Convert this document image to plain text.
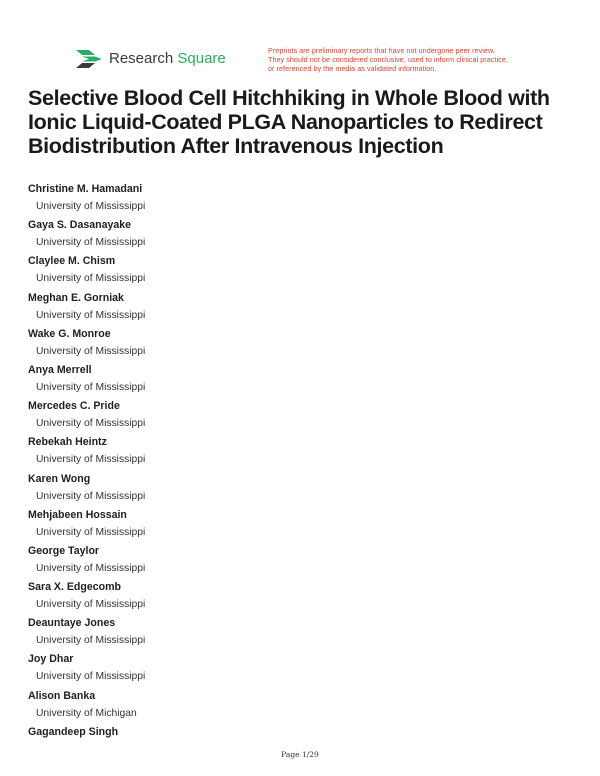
Research Square	Preprints are preliminary reports that have not undergone peer review.
They should not be considered conclusive, used to inform clinical practice,
or referenced by the media as validated information.
Selective Blood Cell Hitchhiking in Whole Blood with Ionic Liquid-Coated PLGA Nanoparticles to Redirect Biodistribution After Intravenous Injection
Christine M. Hamadani
University of Mississippi
Gaya S. Dasanayake
University of Mississippi
Claylee M. Chism
University of Mississippi
Meghan E. Gorniak
University of Mississippi
Wake G. Monroe
University of Mississippi
Anya Merrell
University of Mississippi
Mercedes C. Pride
University of Mississippi
Rebekah Heintz
University of Mississippi
Karen Wong
University of Mississippi
Mehjabeen Hossain
University of Mississippi
George Taylor
University of Mississippi
Sara X. Edgecomb
University of Mississippi
Deauntaye Jones
University of Mississippi
Joy Dhar
University of Mississippi
Alison Banka
University of Michigan
Gagandeep Singh
Page 1/29
